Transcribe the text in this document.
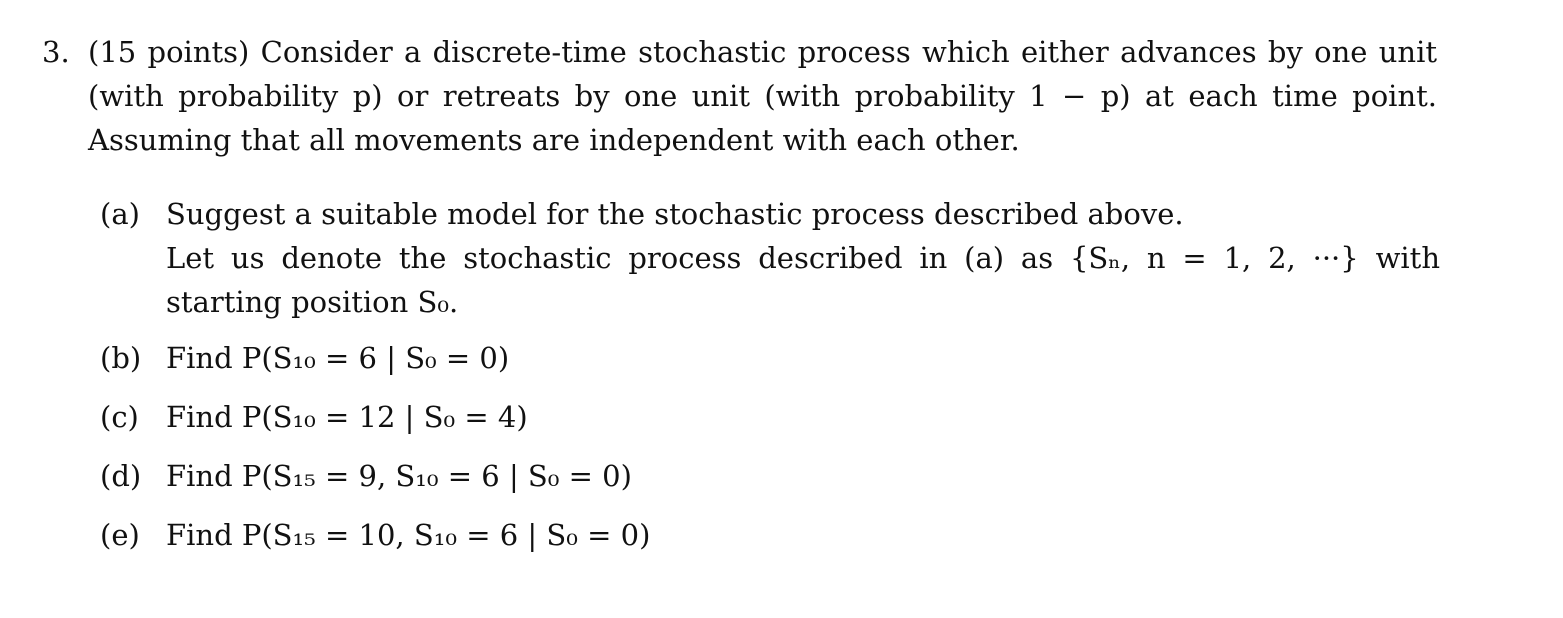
3. (15 points) Consider a discrete-time stochastic process which either advances by one unit (with probability p) or retreats by one unit (with probability 1 − p) at each time point. Assuming that all movements are independent with each other.
(a) Suggest a suitable model for the stochastic process described above.
Let us denote the stochastic process described in (a) as {Sₙ, n = 1, 2, ···} with starting position S₀.
(b) Find P(S₁₀ = 6 | S₀ = 0)
(c) Find P(S₁₀ = 12 | S₀ = 4)
(d) Find P(S₁₅ = 9, S₁₀ = 6 | S₀ = 0)
(e) Find P(S₁₅ = 10, S₁₀ = 6 | S₀ = 0)
